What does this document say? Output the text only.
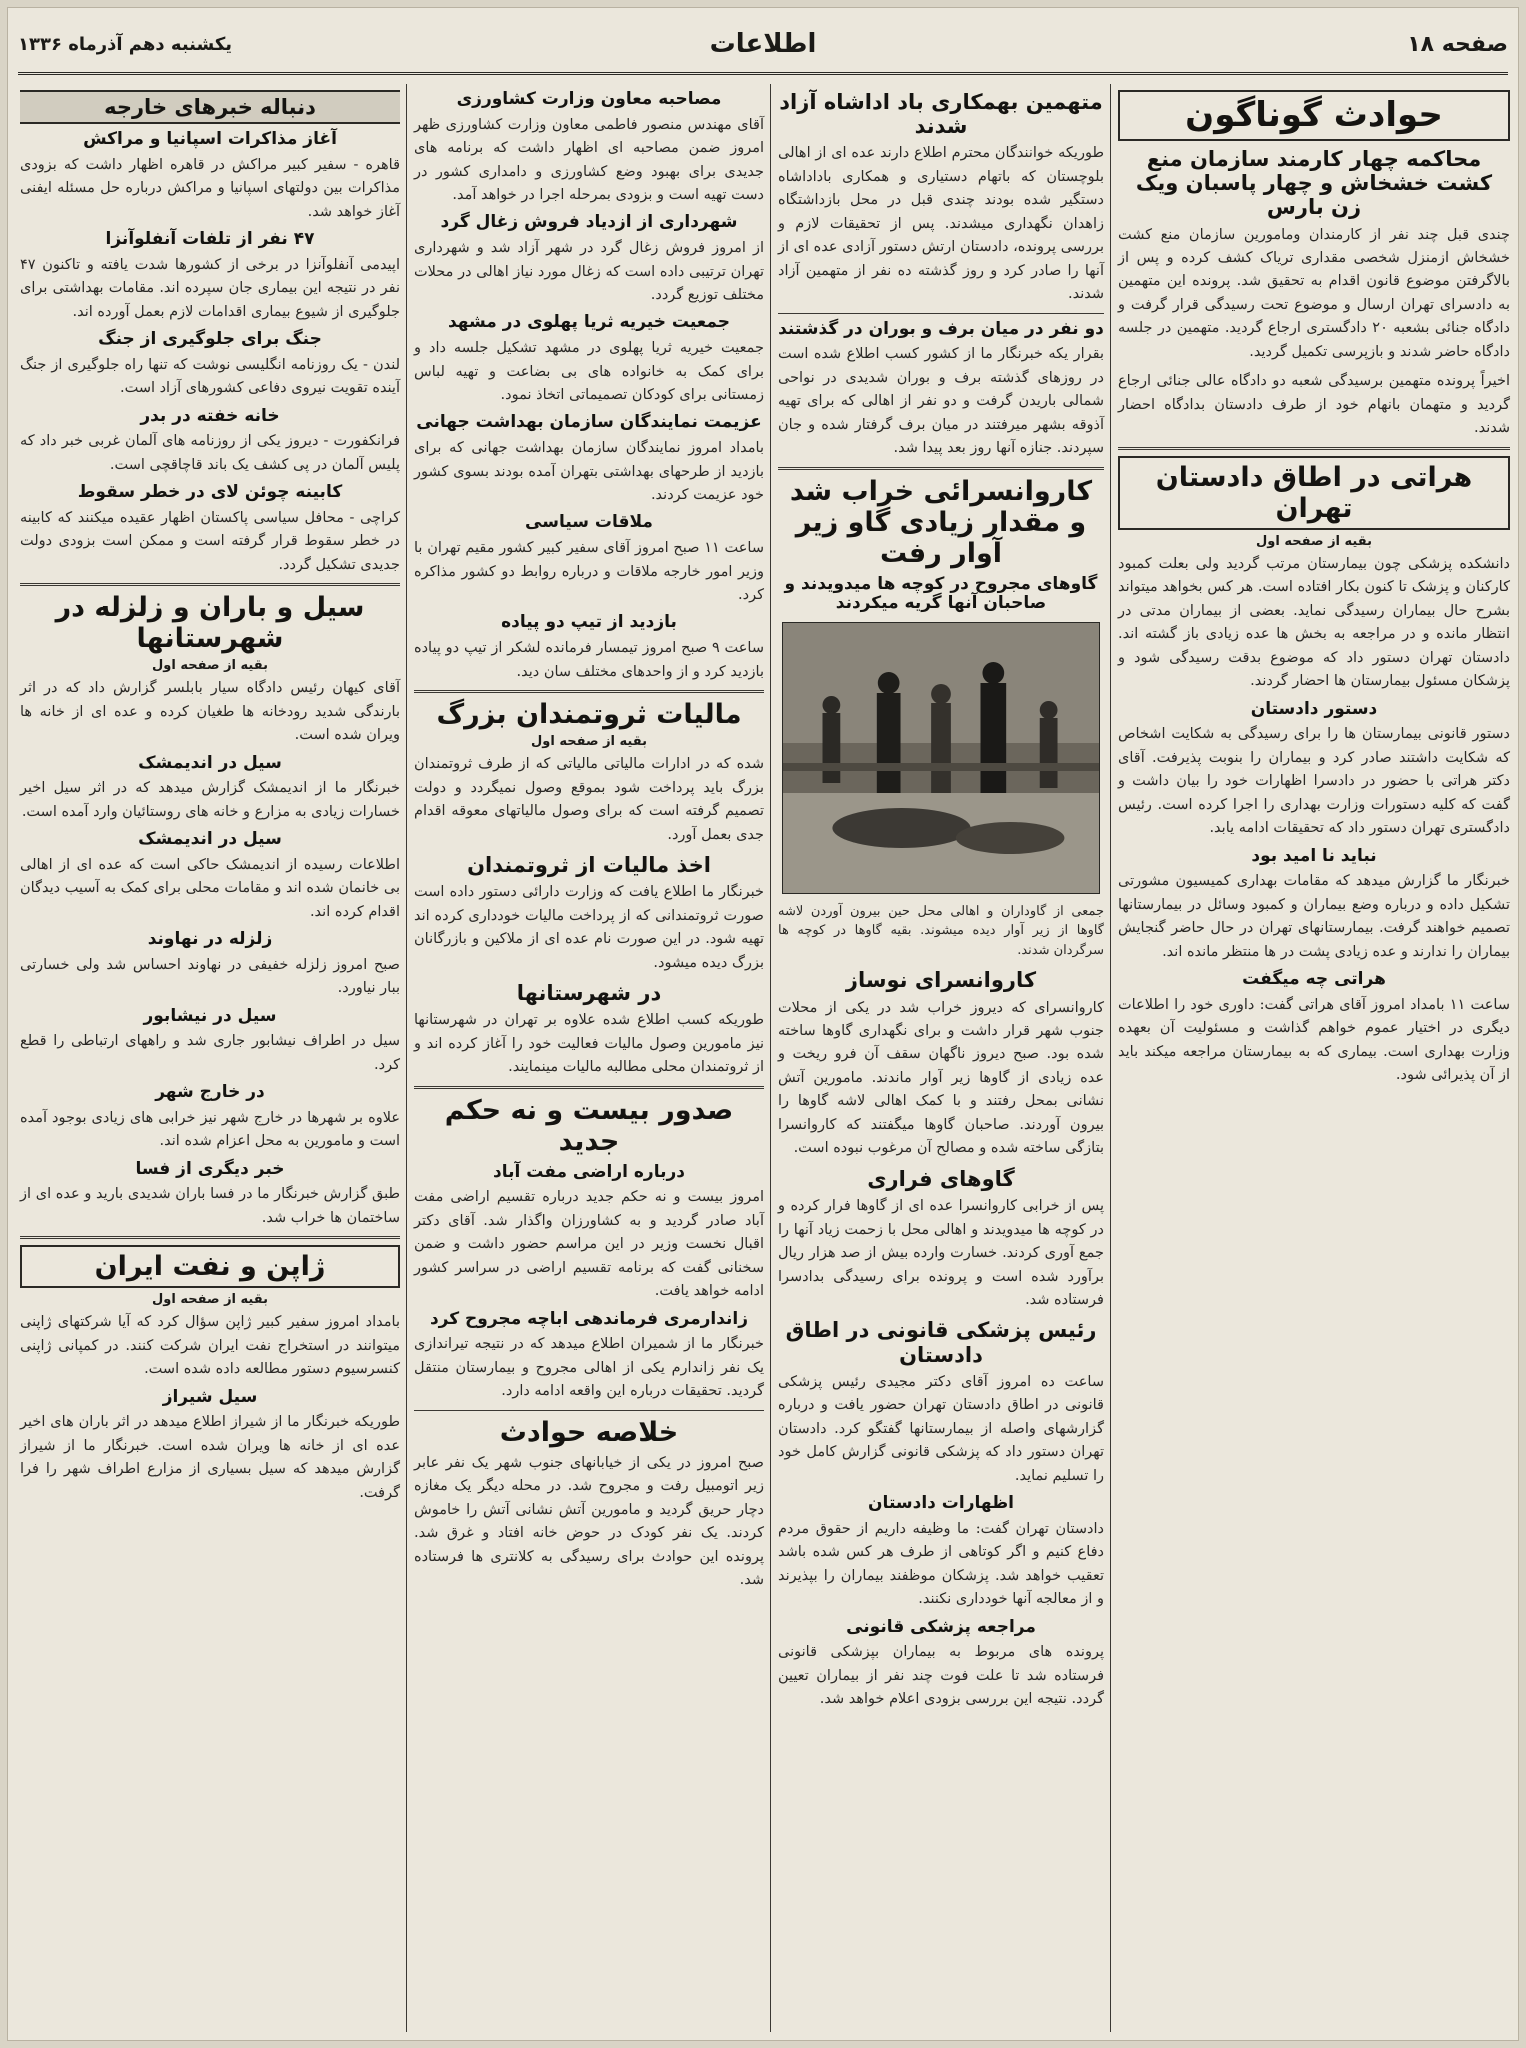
صفحه ۱۸
اطلاعات
یکشنبه دهم آذرماه ۱۳۳۶
حوادث گوناگون
محاکمه چهار کارمند سازمان منع کشت خشخاش و چهار پاسبان ویک زن بارس
چندی قبل چند نفر از کارمندان ومامورین سازمان منع کشت خشخاش ازمنزل شخصی مقداری تریاک کشف کرده و پس از بالاگرفتن موضوع قانون اقدام به تحقیق شد. پرونده این متهمین به دادسرای تهران ارسال و موضوع تحت رسیدگی قرار گرفت و دادگاه جنائی بشعبه ۲۰ دادگستری ارجاع گردید. متهمین در جلسه دادگاه حاضر شدند و بازپرسی تکمیل گردید.
اخیراً پرونده متهمین برسیدگی شعبه دو دادگاه عالی جنائی ارجاع گردید و متهمان بانهام خود از طرف دادستان بدادگاه احضار شدند.
هراتی در اطاق دادستان تهران
بقیه از صفحه اول
دانشکده پزشکی چون بیمارستان مرتب گردید ولی بعلت کمبود کارکنان و پزشک تا کنون بکار افتاده است. هر کس بخواهد میتواند بشرح حال بیماران رسیدگی نماید. بعضی از بیماران مدتی در انتظار مانده و در مراجعه به بخش ها عده زیادی باز گشته اند. دادستان تهران دستور داد که موضوع بدقت رسیدگی شود و پزشکان مسئول بیمارستان ها احضار گردند.
دستور دادستان
دستور قانونی بیمارستان ها را برای رسیدگی به شکایت اشخاص که شکایت داشتند صادر کرد و بیماران را بنوبت پذیرفت. آقای دکتر هراتی با حضور در دادسرا اظهارات خود را بیان داشت و گفت که کلیه دستورات وزارت بهداری را اجرا کرده است. رئیس دادگستری تهران دستور داد که تحقیقات ادامه یابد.
نباید نا امید بود
خبرنگار ما گزارش میدهد که مقامات بهداری کمیسیون مشورتی تشکیل داده و درباره وضع بیماران و کمبود وسائل در بیمارستانها تصمیم خواهند گرفت. بیمارستانهای تهران در حال حاضر گنجایش بیماران را ندارند و عده زیادی پشت در ها منتظر مانده اند.
هراتی چه میگفت
ساعت ۱۱ بامداد امروز آقای هراتی گفت: داوری خود را اطلاعات دیگری در اختیار عموم خواهم گذاشت و مسئولیت آن بعهده وزارت بهداری است. بیماری که به بیمارستان مراجعه میکند باید از آن پذیرائی شود.
متهمین بهمکاری باد اداشاه آزاد شدند
طوریکه خوانندگان محترم اطلاع دارند عده ای از اهالی بلوچستان که باتهام دستیاری و همکاری باداداشاه دستگیر شده بودند چندی قبل در محل بازداشتگاه زاهدان نگهداری میشدند. پس از تحقیقات لازم و بررسی پرونده، دادستان ارتش دستور آزادی عده ای از آنها را صادر کرد و روز گذشته ده نفر از متهمین آزاد شدند.
دو نفر در میان برف و بوران در گذشتند
بقرار یکه خبرنگار ما از کشور کسب اطلاع شده است در روزهای گذشته برف و بوران شدیدی در نواحی شمالی باریدن گرفت و دو نفر از اهالی که برای تهیه آذوقه بشهر میرفتند در میان برف گرفتار شده و جان سپردند. جنازه آنها روز بعد پیدا شد.
کاروانسرائی خراب شد و مقدار زیادی گاو زیر آوار رفت
گاوهای مجروح در کوچه ها میدویدند و صاحبان آنها گریه میکردند
جمعی از گاوداران و اهالی محل حین بیرون آوردن لاشه گاوها از زیر آوار دیده میشوند. بقیه گاوها در کوچه ها سرگردان شدند.
کاروانسرای نوساز
کاروانسرای که دیروز خراب شد در یکی از محلات جنوب شهر قرار داشت و برای نگهداری گاوها ساخته شده بود. صبح دیروز ناگهان سقف آن فرو ریخت و عده زیادی از گاوها زیر آوار ماندند. مامورین آتش نشانی بمحل رفتند و با کمک اهالی لاشه گاوها را بیرون آوردند. صاحبان گاوها میگفتند که کاروانسرا بتازگی ساخته شده و مصالح آن مرغوب نبوده است.
گاوهای فراری
پس از خرابی کاروانسرا عده ای از گاوها فرار کرده و در کوچه ها میدویدند و اهالی محل با زحمت زیاد آنها را جمع آوری کردند. خسارت وارده بیش از صد هزار ریال برآورد شده است و پرونده برای رسیدگی بدادسرا فرستاده شد.
رئیس پزشکی قانونی در اطاق دادستان
ساعت ده امروز آقای دکتر مجیدی رئیس پزشکی قانونی در اطاق دادستان تهران حضور یافت و درباره گزارشهای واصله از بیمارستانها گفتگو کرد. دادستان تهران دستور داد که پزشکی قانونی گزارش کامل خود را تسلیم نماید.
اظهارات دادستان
دادستان تهران گفت: ما وظیفه داریم از حقوق مردم دفاع کنیم و اگر کوتاهی از طرف هر کس شده باشد تعقیب خواهد شد. پزشکان موظفند بیماران را بپذیرند و از معالجه آنها خودداری نکنند.
مراجعه پزشکی قانونی
پرونده های مربوط به بیماران بپزشکی قانونی فرستاده شد تا علت فوت چند نفر از بیماران تعیین گردد. نتیجه این بررسی بزودی اعلام خواهد شد.
مصاحبه معاون وزارت کشاورزی
آقای مهندس منصور فاطمی معاون وزارت کشاورزی ظهر امروز ضمن مصاحبه ای اظهار داشت که برنامه های جدیدی برای بهبود وضع کشاورزی و دامداری کشور در دست تهیه است و بزودی بمرحله اجرا در خواهد آمد.
شهرداری از ازدیاد فروش زغال گرد
از امروز فروش زغال گرد در شهر آزاد شد و شهرداری تهران ترتیبی داده است که زغال مورد نیاز اهالی در محلات مختلف توزیع گردد.
جمعیت خیریه ثریا پهلوی در مشهد
جمعیت خیریه ثریا پهلوی در مشهد تشکیل جلسه داد و برای کمک به خانواده های بی بضاعت و تهیه لباس زمستانی برای کودکان تصمیماتی اتخاذ نمود.
عزیمت نمایندگان سازمان بهداشت جهانی
بامداد امروز نمایندگان سازمان بهداشت جهانی که برای بازدید از طرحهای بهداشتی بتهران آمده بودند بسوی کشور خود عزیمت کردند.
ملاقات سیاسی
ساعت ۱۱ صبح امروز آقای سفیر کبیر کشور مقیم تهران با وزیر امور خارجه ملاقات و درباره روابط دو کشور مذاکره کرد.
بازدید از تیپ دو پیاده
ساعت ۹ صبح امروز تیمسار فرمانده لشکر از تیپ دو پیاده بازدید کرد و از واحدهای مختلف سان دید.
مالیات ثروتمندان بزرگ
بقیه از صفحه اول
شده که در ادارات مالیاتی مالیاتی که از طرف ثروتمندان بزرگ باید پرداخت شود بموقع وصول نمیگردد و دولت تصمیم گرفته است که برای وصول مالیاتهای معوقه اقدام جدی بعمل آورد.
اخذ مالیات از ثروتمندان
خبرنگار ما اطلاع یافت که وزارت دارائی دستور داده است صورت ثروتمندانی که از پرداخت مالیات خودداری کرده اند تهیه شود. در این صورت نام عده ای از ملاکین و بازرگانان بزرگ دیده میشود.
در شهرستانها
طوریکه کسب اطلاع شده علاوه بر تهران در شهرستانها نیز مامورین وصول مالیات فعالیت خود را آغاز کرده اند و از ثروتمندان محلی مطالبه مالیات مینمایند.
صدور بیست و نه حکم جدید
درباره اراضی مفت آباد
امروز بیست و نه حکم جدید درباره تقسیم اراضی مفت آباد صادر گردید و به کشاورزان واگذار شد. آقای دکتر اقبال نخست وزیر در این مراسم حضور داشت و ضمن سخنانی گفت که برنامه تقسیم اراضی در سراسر کشور ادامه خواهد یافت.
زاندارمری فرماندهی اباچه مجروح کرد
خبرنگار ما از شمیران اطلاع میدهد که در نتیجه تیراندازی یک نفر زاندارم یکی از اهالی مجروح و بیمارستان منتقل گردید. تحقیقات درباره این واقعه ادامه دارد.
خلاصه حوادث
صبح امروز در یکی از خیابانهای جنوب شهر یک نفر عابر زیر اتومبیل رفت و مجروح شد. در محله دیگر یک مغازه دچار حریق گردید و مامورین آتش نشانی آتش را خاموش کردند. یک نفر کودک در حوض خانه افتاد و غرق شد. پرونده این حوادث برای رسیدگی به کلانتری ها فرستاده شد.
دنباله خبرهای خارجه
آغاز مذاکرات اسپانیا و مراکش
قاهره - سفیر کبیر مراکش در قاهره اظهار داشت که بزودی مذاکرات بین دولتهای اسپانیا و مراکش درباره حل مسئله ایفنی آغاز خواهد شد.
۴۷ نفر از تلفات آنفلوآنزا
اپیدمی آنفلوآنزا در برخی از کشورها شدت یافته و تاکنون ۴۷ نفر در نتیجه این بیماری جان سپرده اند. مقامات بهداشتی برای جلوگیری از شیوع بیماری اقدامات لازم بعمل آورده اند.
جنگ برای جلوگیری از جنگ
لندن - یک روزنامه انگلیسی نوشت که تنها راه جلوگیری از جنگ آینده تقویت نیروی دفاعی کشورهای آزاد است.
خانه خفته در بدر
فرانکفورت - دیروز یکی از روزنامه های آلمان غربی خبر داد که پلیس آلمان در پی کشف یک باند قاچاقچی است.
کابینه چوئن لای در خطر سقوط
کراچی - محافل سیاسی پاکستان اظهار عقیده میکنند که کابینه در خطر سقوط قرار گرفته است و ممکن است بزودی دولت جدیدی تشکیل گردد.
سیل و باران و زلزله در شهرستانها
بقیه از صفحه اول
آقای کیهان رئیس دادگاه سیار بابلسر گزارش داد که در اثر بارندگی شدید رودخانه ها طغیان کرده و عده ای از خانه ها ویران شده است.
سیل در اندیمشک
خبرنگار ما از اندیمشک گزارش میدهد که در اثر سیل اخیر خسارات زیادی به مزارع و خانه های روستائیان وارد آمده است.
سیل در اندیمشک
اطلاعات رسیده از اندیمشک حاکی است که عده ای از اهالی بی خانمان شده اند و مقامات محلی برای کمک به آسیب دیدگان اقدام کرده اند.
زلزله در نهاوند
صبح امروز زلزله خفیفی در نهاوند احساس شد ولی خسارتی ببار نیاورد.
سیل در نیشابور
سیل در اطراف نیشابور جاری شد و راههای ارتباطی را قطع کرد.
در خارج شهر
علاوه بر شهرها در خارج شهر نیز خرابی های زیادی بوجود آمده است و مامورین به محل اعزام شده اند.
خبر دیگری از فسا
طبق گزارش خبرنگار ما در فسا باران شدیدی بارید و عده ای از ساختمان ها خراب شد.
ژاپن و نفت ایران
بقیه از صفحه اول
بامداد امروز سفیر کبیر ژاپن سؤال کرد که آیا شرکتهای ژاپنی میتوانند در استخراج نفت ایران شرکت کنند. در کمپانی ژاپنی کنسرسیوم دستور مطالعه داده شده است.
سیل شیراز
طوریکه خبرنگار ما از شیراز اطلاع میدهد در اثر باران های اخیر عده ای از خانه ها ویران شده است. خبرنگار ما از شیراز گزارش میدهد که سیل بسیاری از مزارع اطراف شهر را فرا گرفت.
